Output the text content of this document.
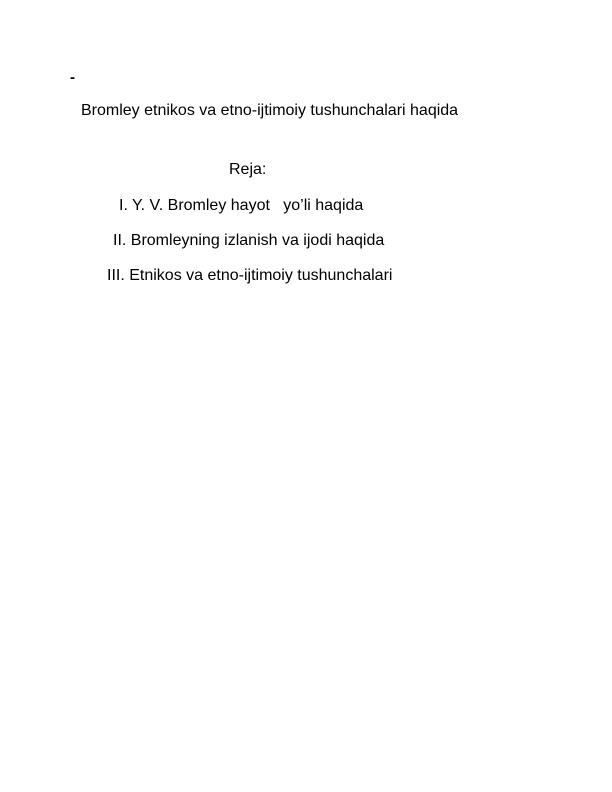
-
Bromley etnikos va etno-ijtimoiy tushunchalari haqida
Reja:
I. Y. V. Bromley hayot   yo’li haqida
II. Bromleyning izlanish va ijodi haqida
III. Etnikos va etno-ijtimoiy tushunchalari
